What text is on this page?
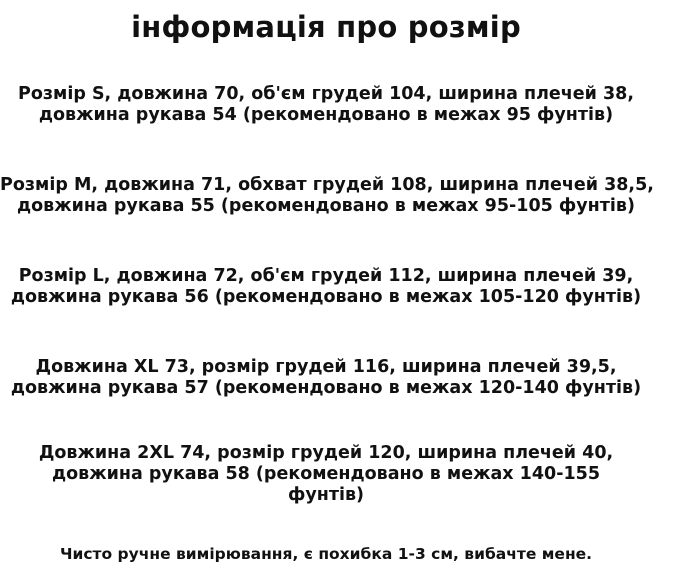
інформація про розмір
Розмір S, довжина 70, об'єм грудей 104, ширина плечей 38,
довжина рукава 54 (рекомендовано в межах 95 фунтів)
Розмір M, довжина 71, обхват грудей 108, ширина плечей 38,5,
довжина рукава 55 (рекомендовано в межах 95-105 фунтів)
Розмір L, довжина 72, об'єм грудей 112, ширина плечей 39,
довжина рукава 56 (рекомендовано в межах 105-120 фунтів)
Довжина XL 73, розмір грудей 116, ширина плечей 39,5,
довжина рукава 57 (рекомендовано в межах 120-140 фунтів)
Довжина 2XL 74, розмір грудей 120, ширина плечей 40,
довжина рукава 58 (рекомендовано в межах 140-155
фунтів)
Чисто ручне вимірювання, є похибка 1-3 см, вибачте мене.
